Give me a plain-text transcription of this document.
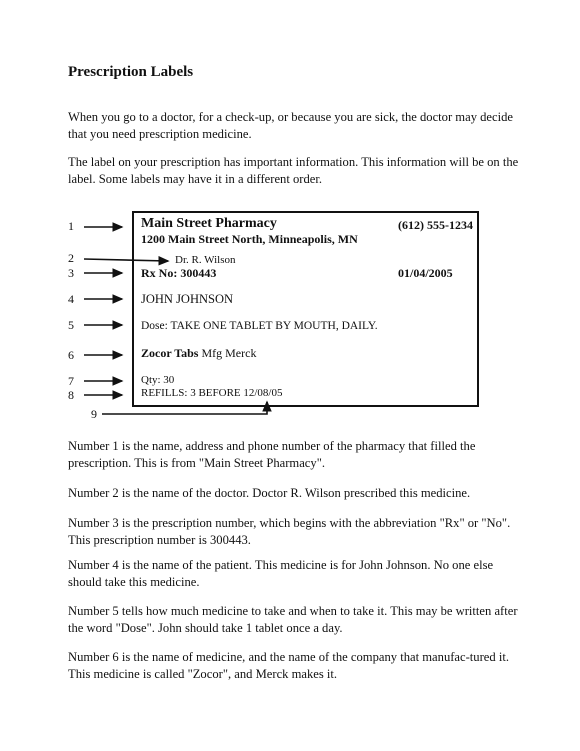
Prescription Labels
When you go to a doctor, for a check-up, or because you are sick, the doctor may decide that you need prescription medicine.
The label on your prescription has important information. This information will be on the label. Some labels may have it in a different order.
Main Street Pharmacy	(612) 555-1234
1200 Main Street North, Minneapolis, MN
Dr. R. Wilson
Rx No: 300443	01/04/2005
JOHN JOHNSON
Dose: TAKE ONE TABLET BY MOUTH, DAILY.
Zocor Tabs Mfg Merck
Qty: 30
REFILLS: 3 BEFORE 12/08/05
1
2
3
4
5
6
7
8
9
Number 1 is the name, address and phone number of the pharmacy that filled the prescription. This is from "Main Street Pharmacy".
Number 2 is the name of the doctor. Doctor R. Wilson prescribed this medicine.
Number 3 is the prescription number, which begins with the abbreviation "Rx" or "No". This prescription number is 300443.
Number 4 is the name of the patient. This medicine is for John Johnson. No one else should take this medicine.
Number 5 tells how much medicine to take and when to take it. This may be written after the word "Dose". John should take 1 tablet once a day.
Number 6 is the name of medicine, and the name of the company that manufac-tured it. This medicine is called "Zocor", and Merck makes it.
